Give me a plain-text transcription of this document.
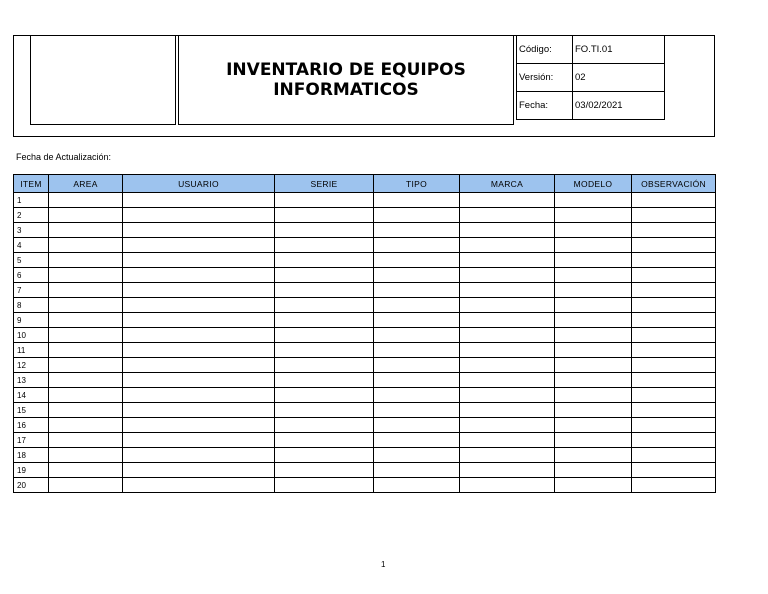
INVENTARIO DE EQUIPOS
INFORMATICOS
Código:	FO.TI.01
Versión:	02
Fecha:	03/02/2021
Fecha de Actualización:
ITEM	AREA	USUARIO	SERIE	TIPO	MARCA	MODELO	OBSERVACIÓN
1							
2							
3							
4							
5							
6							
7							
8							
9							
10							
11							
12							
13							
14							
15							
16							
17							
18							
19							
20							
1
